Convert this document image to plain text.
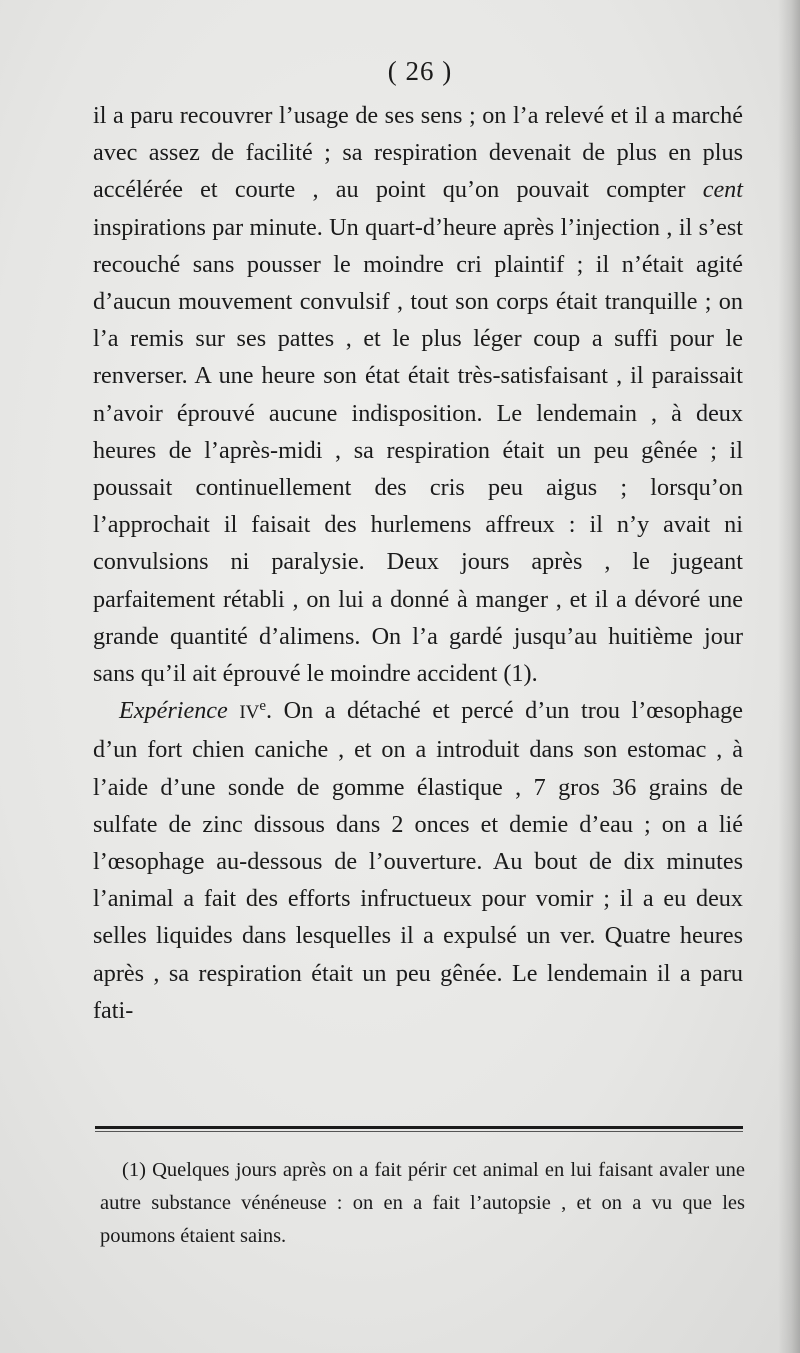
( 26 )

il a paru recouvrer l’usage de ses sens ; on l’a relevé et il a marché avec assez de facilité ; sa respiration devenait de plus en plus accélérée et courte , au point qu’on pouvait compter cent inspirations par minute. Un quart-d’heure après l’injection , il s’est recouché sans pousser le moindre cri plaintif ; il n’était agité d’aucun mouvement convulsif , tout son corps était tranquille ; on l’a remis sur ses pattes , et le plus léger coup a suffi pour le renverser. A une heure son état était très-satisfaisant , il paraissait n’avoir éprouvé aucune indisposition. Le lendemain , à deux heures de l’après-midi , sa respiration était un peu gênée ; il poussait continuellement des cris peu aigus ; lorsqu’on l’approchait il faisait des hurlemens affreux : il n’y avait ni convulsions ni paralysie. Deux jours après , le jugeant parfaitement rétabli , on lui a donné à manger , et il a dévoré une grande quantité d’alimens. On l’a gardé jusqu’au huitième jour sans qu’il ait éprouvé le moindre accident (1).

Expérience IVe. On a détaché et percé d’un trou l’œsophage d’un fort chien caniche , et on a introduit dans son estomac , à l’aide d’une sonde de gomme élastique , 7 gros 36 grains de sulfate de zinc dissous dans 2 onces et demie d’eau ; on a lié l’œsophage au-dessous de l’ouverture. Au bout de dix minutes l’animal a fait des efforts infructueux pour vomir ; il a eu deux selles liquides dans lesquelles il a expulsé un ver. Quatre heures après , sa respiration était un peu gênée. Le lendemain il a paru fati-

(1) Quelques jours après on a fait périr cet animal en lui faisant avaler une autre substance vénéneuse : on en a fait l’autopsie , et on a vu que les poumons étaient sains.
